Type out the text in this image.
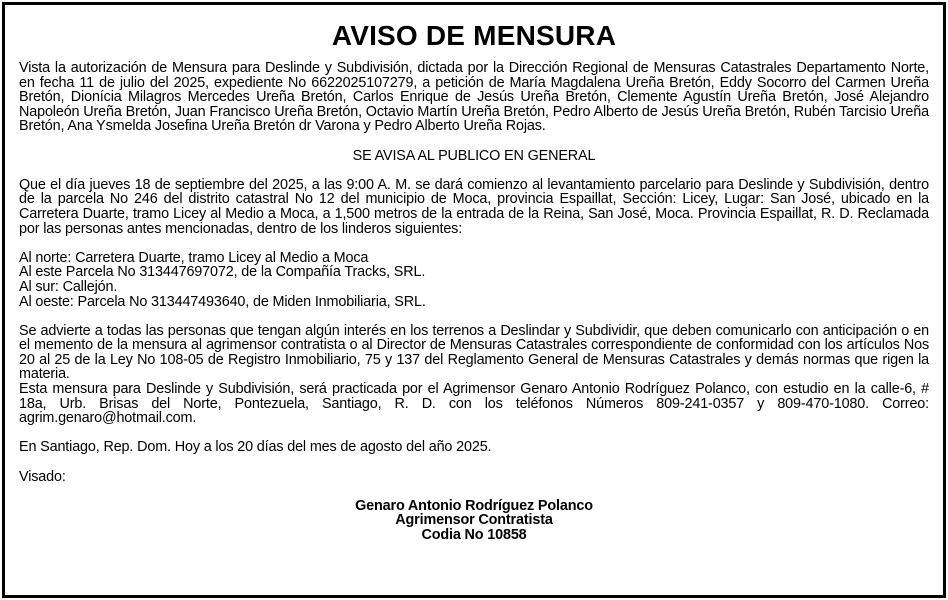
AVISO DE MENSURA

Vista la autorización de Mensura para Deslinde y Subdivisión, dictada por la Dirección Regional de Mensuras Catastrales Departamento Norte, en fecha 11 de julio del 2025, expediente No 6622025107279, a petición de María Magdalena Ureña Bretón, Eddy Socorro del Carmen Ureña Bretón, Dionícia Milagros Mercedes Ureña Bretón, Carlos Enrique de Jesús Ureña Bretón, Clemente Agustín Ureña Bretón, José Alejandro Napoleón Ureña Bretón, Juan Francisco Ureña Bretón, Octavio Martín Ureña Bretón, Pedro Alberto de Jesús Ureña Bretón, Rubén Tarcisio Ureña Bretón, Ana Ysmelda Josefina Ureña Bretón dr Varona y Pedro Alberto Ureña Rojas.

SE AVISA AL PUBLICO EN GENERAL

Que el día jueves 18 de septiembre del 2025, a las 9:00 A. M. se dará comienzo al levantamiento parcelario para Deslinde y Subdivisión, dentro de la parcela No 246 del distrito catastral No 12 del municipio de Moca, provincia Espaillat, Sección: Licey, Lugar: San José, ubicado en la Carretera Duarte, tramo Licey al Medio a Moca, a 1,500 metros de la entrada de la Reina, San José, Moca. Provincia Espaillat, R. D. Reclamada por las personas antes mencionadas, dentro de los linderos siguientes:

Al norte: Carretera Duarte, tramo Licey al Medio a Moca
Al este Parcela No 313447697072, de la Compañía Tracks, SRL.
Al sur: Callejón.
Al oeste: Parcela No 313447493640, de Miden Inmobiliaria, SRL.

Se advierte a todas las personas que tengan algún interés en los terrenos a Deslindar y Subdividir, que deben comunicarlo con anticipación o en el memento de la mensura al agrimensor contratista o al Director de Mensuras Catastrales correspondiente de conformidad con los artículos Nos 20 al 25 de la Ley No 108-05 de Registro Inmobiliario, 75 y 137 del Reglamento General de Mensuras Catastrales y demás normas que rigen la materia.

Esta mensura para Deslinde y Subdivisión, será practicada por el Agrimensor Genaro Antonio Rodríguez Polanco, con estudio en la calle-6, # 18a, Urb. Brisas del Norte, Pontezuela, Santiago, R. D. con los teléfonos Números 809-241-0357 y 809-470-1080. Correo: agrim.genaro@hotmail.com.

En Santiago, Rep. Dom. Hoy a los 20 días del mes de agosto del año 2025.

Visado:

Genaro Antonio Rodríguez Polanco
Agrimensor Contratista
Codia No 10858
